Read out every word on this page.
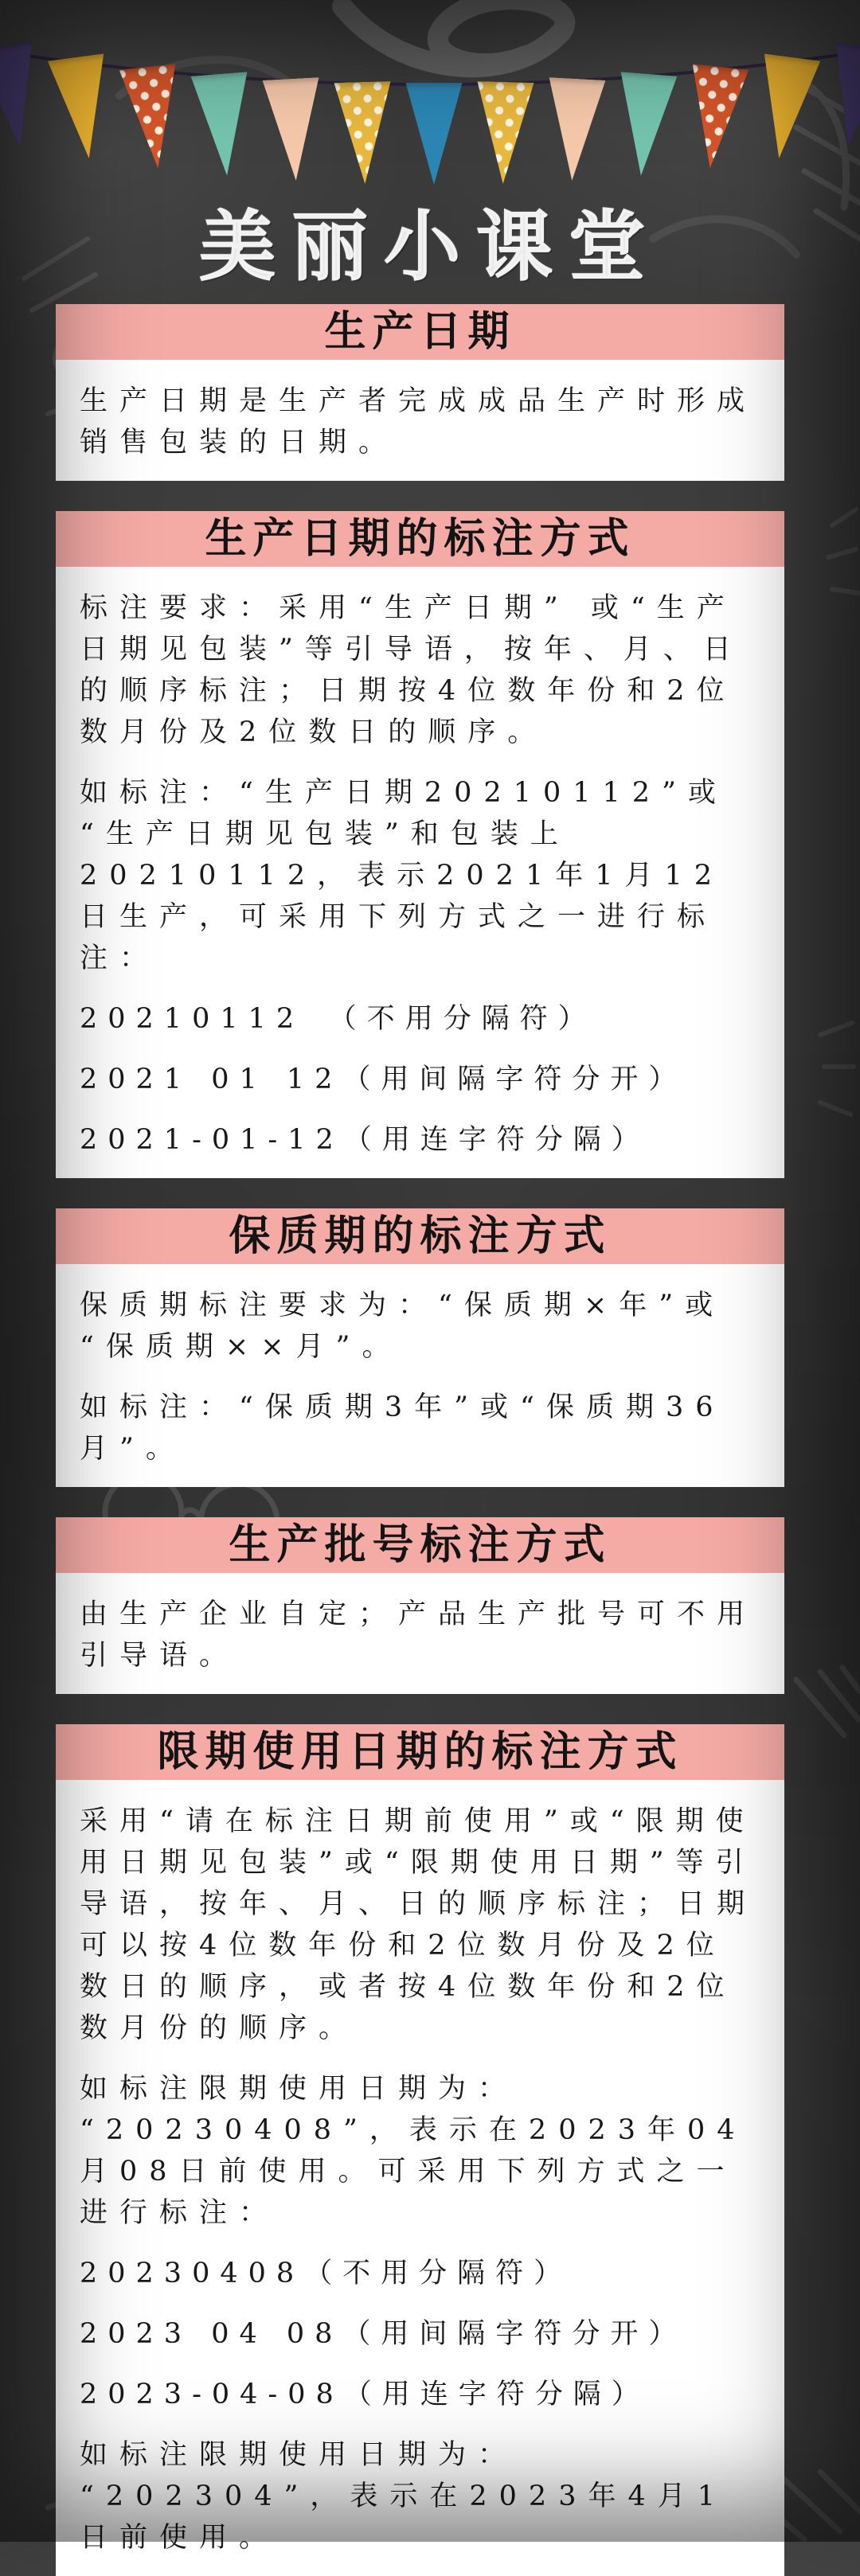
美丽小课堂
生产日期

生产日期是生产者完成成品生产时形成销售包装的日期。

生产日期的标注方式

标注要求：采用“生产日期” 或“生产日期见包装”等引导语，按年、月、日的顺序标注；日期按4位数年份和2位数月份及2位数日的顺序。

如标注：“生产日期20210112”或“生产日期见包装”和包装上20210112，表示2021年1月12日生产，可采用下列方式之一进行标注：

20210112　（不用分隔符）

2021 01 12（用间隔字符分开）

2021-01-12（用连字符分隔）

保质期的标注方式

保质期标注要求为：“保质期×年”或“保质期××月”。

如标注：“保质期3年”或“保质期36月”。

生产批号标注方式

由生产企业自定；产品生产批号可不用引导语。

限期使用日期的标注方式

采用“请在标注日期前使用”或“限期使用日期见包装”或“限期使用日期”等引导语，按年、月、日的顺序标注；日期可以按4位数年份和2位数月份及2位数日的顺序，或者按4位数年份和2位数月份的顺序。

如标注限期使用日期为：“20230408”，表示在2023年04月08日前使用。可采用下列方式之一进行标注：

20230408（不用分隔符）

2023 04 08（用间隔字符分开）

2023-04-08（用连字符分隔）

如标注限期使用日期为：“202304”，表示在2023年4月1日前使用。
